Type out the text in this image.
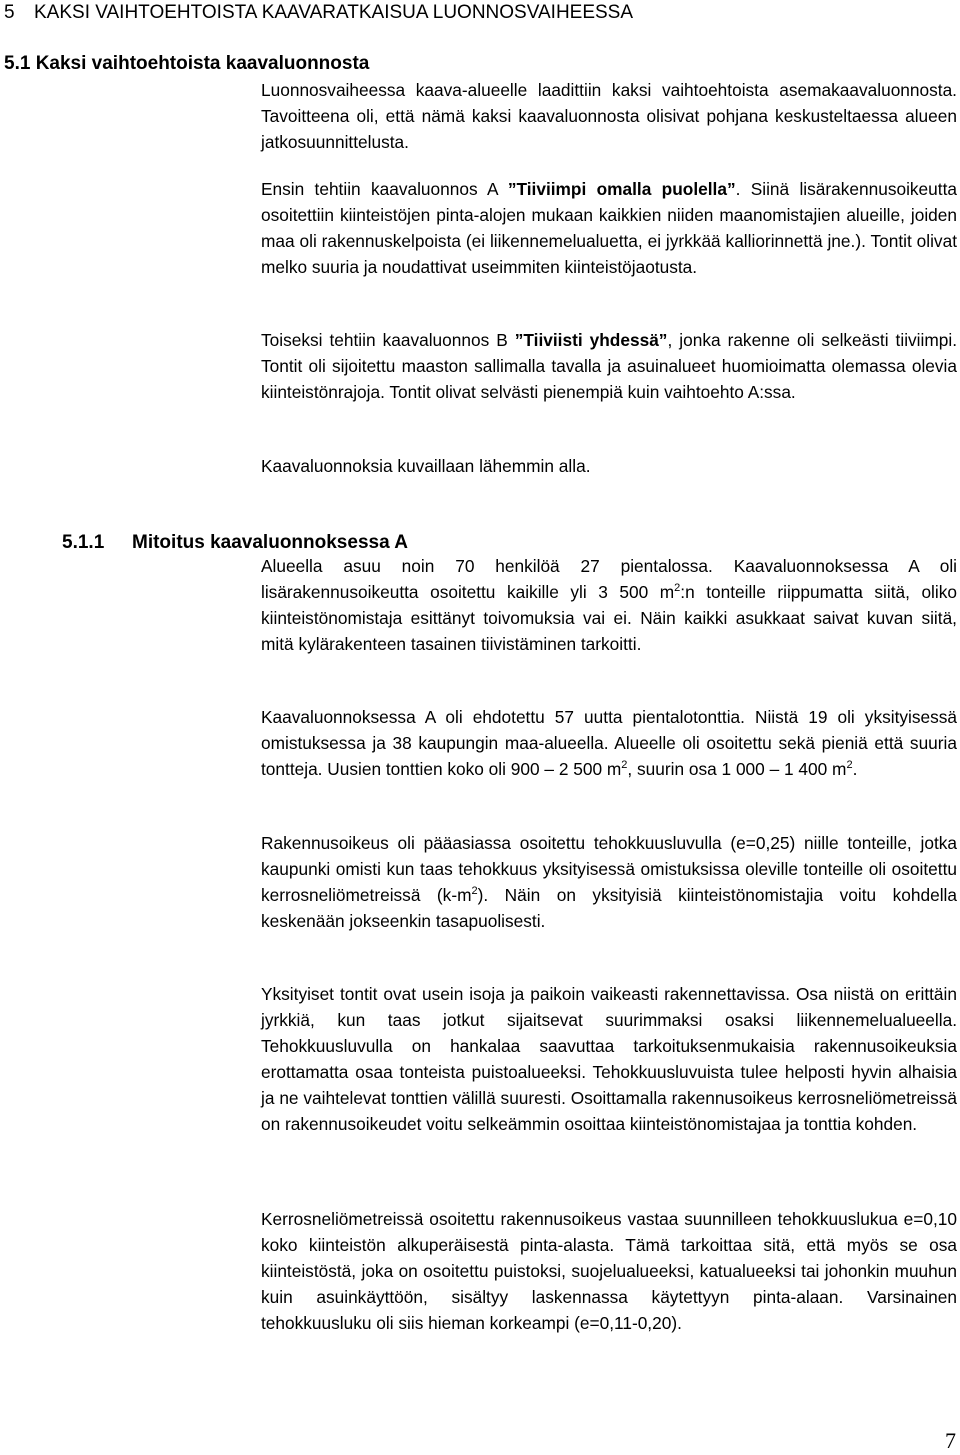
5 KAKSI VAIHTOEHTOISTA KAAVARATKAISUA LUONNOSVAIHEESSA
5.1 Kaksi vaihtoehtoista kaavaluonnosta

Luonnosvaiheessa kaava-alueelle laadittiin kaksi vaihtoehtoista asemakaavaluonnosta. Tavoitteena oli, että nämä kaksi kaavaluonnosta olisivat pohjana keskusteltaessa alueen jatkosuunnittelusta.

Ensin tehtiin kaavaluonnos A ”Tiiviimpi omalla puolella”. Siinä lisärakennusoikeutta osoitettiin kiinteistöjen pinta-alojen mukaan kaikkien niiden maanomistajien alueille, joiden maa oli rakennuskelpoista (ei liikennemelualuetta, ei jyrkkää kalliorinnettä jne.). Tontit olivat melko suuria ja noudattivat useimmiten kiinteistöjaotusta.

Toiseksi tehtiin kaavaluonnos B ”Tiiviisti yhdessä”, jonka rakenne oli selkeästi tiiviimpi. Tontit oli sijoitettu maaston sallimalla tavalla ja asuinalueet huomioimatta olemassa olevia kiinteistönrajoja. Tontit olivat selvästi pienempiä kuin vaihtoehto A:ssa.

Kaavaluonnoksia kuvaillaan lähemmin alla.

5.1.1 Mitoitus kaavaluonnoksessa A

Alueella asuu noin 70 henkilöä 27 pientalossa. Kaavaluonnoksessa A oli lisärakennusoikeutta osoitettu kaikille yli 3 500 $m^2:n$ tonteille riippumatta siitä, oliko kiinteistönomistaja esittänyt toivomuksia vai ei. Näin kaikki asukkaat saivat kuvan siitä, mitä kylärakenteen tasainen tiivistäminen tarkoitti.

Kaavaluonnoksessa A oli ehdotettu 57 uutta pientalotonttia. Niistä 19 oli yksityisessä omistuksessa ja 38 kaupungin maa-alueella. Alueelle oli osoitettu sekä pieniä että suuria tontteja. Uusien tonttien koko oli 900 – 2 500 $m^2$, suurin osa 1 000 – 1 400 $m^2$.

Rakennusoikeus oli pääasiassa osoitettu tehokkuusluvulla (e=0,25) niille tonteille, jotka kaupunki omisti kun taas tehokkuus yksityisessä omistuksissa oleville tonteille oli osoitettu kerrosneliömetreissä $(k-m^2)$. Näin on yksityisiä kiinteistönomistajia voitu kohdella keskenään jokseenkin tasapuolisesti.

Yksityiset tontit ovat usein isoja ja paikoin vaikeasti rakennettavissa. Osa niistä on erittäin jyrkkiä, kun taas jotkut sijaitsevat suurimmaksi osaksi liikennemelualueella. Tehokkuusluvulla on hankalaa saavuttaa tarkoituksenmukaisia rakennusoikeuksia erottamatta osaa tonteista puistoalueeksi. Tehokkuusluvuista tulee helposti hyvin alhaisia ja ne vaihtelevat tonttien välillä suuresti. Osoittamalla rakennusoikeus kerrosneliömetreissä on rakennusoikeudet voitu selkeämmin osoittaa kiinteistönomistajaa ja tonttia kohden.

Kerrosneliömetreissä osoitettu rakennusoikeus vastaa suunnilleen tehokkuuslukua e=0,10 koko kiinteistön alkuperäisestä pinta-alasta. Tämä tarkoittaa sitä, että myös se osa kiinteistöstä, joka on osoitettu puistoksi, suojelualueeksi, katualueeksi tai johonkin muuhun kuin asuinkäyttöön, sisältyy laskennassa käytettyyn pinta-alaan. Varsinainen tehokkuusluku oli siis hieman korkeampi (e=0,11-0,20).

7
